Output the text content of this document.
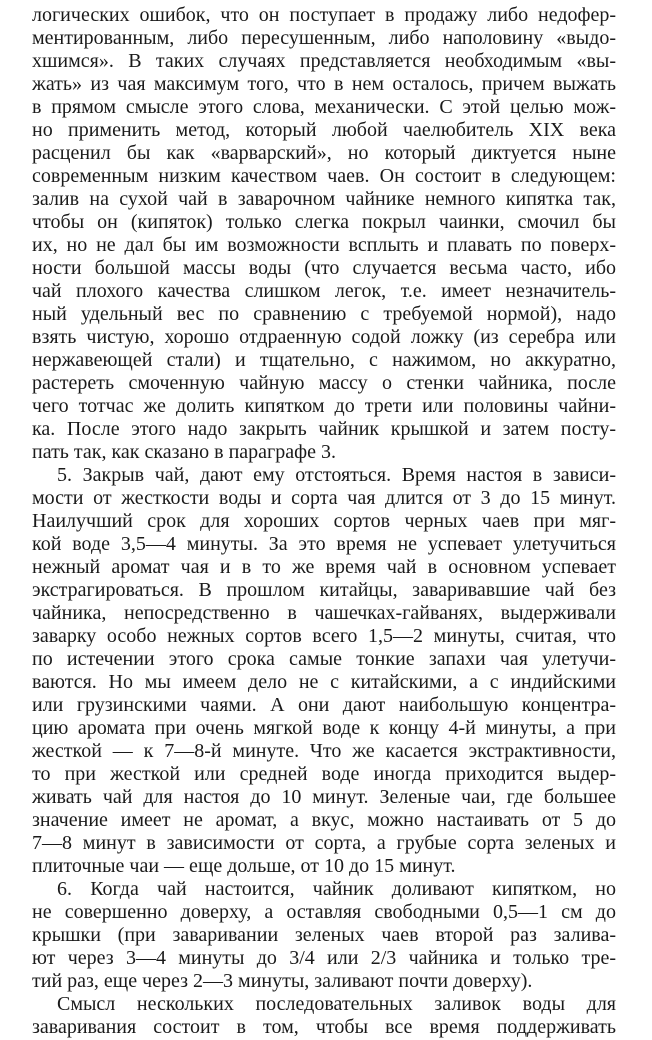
логических ошибок, что он поступает в продажу либо недофер-
ментированным, либо пересушенным, либо наполовину «выдо-
хшимся». В таких случаях представляется необходимым «вы-
жать» из чая максимум того, что в нем осталось, причем выжать
в прямом смысле этого слова, механически. С этой целью мож-
но применить метод, который любой чаелюбитель XIX века
расценил бы как «варварский», но который диктуется ныне
современным низким качеством чаев. Он состоит в следующем:
залив на сухой чай в заварочном чайнике немного кипятка так,
чтобы он (кипяток) только слегка покрыл чаинки, смочил бы
их, но не дал бы им возможности всплыть и плавать по поверх-
ности большой массы воды (что случается весьма часто, ибо
чай плохого качества слишком легок, т.е. имеет незначитель-
ный удельный вес по сравнению с требуемой нормой), надо
взять чистую, хорошо отдраенную содой ложку (из серебра или
нержавеющей стали) и тщательно, с нажимом, но аккуратно,
растереть смоченную чайную массу о стенки чайника, после
чего тотчас же долить кипятком до трети или половины чайни-
ка. После этого надо закрыть чайник крышкой и затем посту-
пать так, как сказано в параграфе 3.
5. Закрыв чай, дают ему отстояться. Время настоя в зависи-
мости от жесткости воды и сорта чая длится от 3 до 15 минут.
Наилучший срок для хороших сортов черных чаев при мяг-
кой воде 3,5—4 минуты. За это время не успевает улетучиться
нежный аромат чая и в то же время чай в основном успевает
экстрагироваться. В прошлом китайцы, заваривавшие чай без
чайника, непосредственно в чашечках-гайванях, выдерживали
заварку особо нежных сортов всего 1,5—2 минуты, считая, что
по истечении этого срока самые тонкие запахи чая улетучи-
ваются. Но мы имеем дело не с китайскими, а с индийскими
или грузинскими чаями. А они дают наибольшую концентра-
цию аромата при очень мягкой воде к концу 4-й минуты, а при
жесткой — к 7—8-й минуте. Что же касается экстрактивности,
то при жесткой или средней воде иногда приходится выдер-
живать чай для настоя до 10 минут. Зеленые чаи, где большее
значение имеет не аромат, а вкус, можно настаивать от 5 до
7—8 минут в зависимости от сорта, а грубые сорта зеленых и
плиточные чаи — еще дольше, от 10 до 15 минут.
6. Когда чай настоится, чайник доливают кипятком, но
не совершенно доверху, а оставляя свободными 0,5—1 см до
крышки (при заваривании зеленых чаев второй раз залива-
ют через 3—4 минуты до 3/4 или 2/3 чайника и только тре-
тий раз, еще через 2—3 минуты, заливают почти доверху).
Смысл нескольких последовательных заливок воды для
заваривания состоит в том, чтобы все время поддерживать
